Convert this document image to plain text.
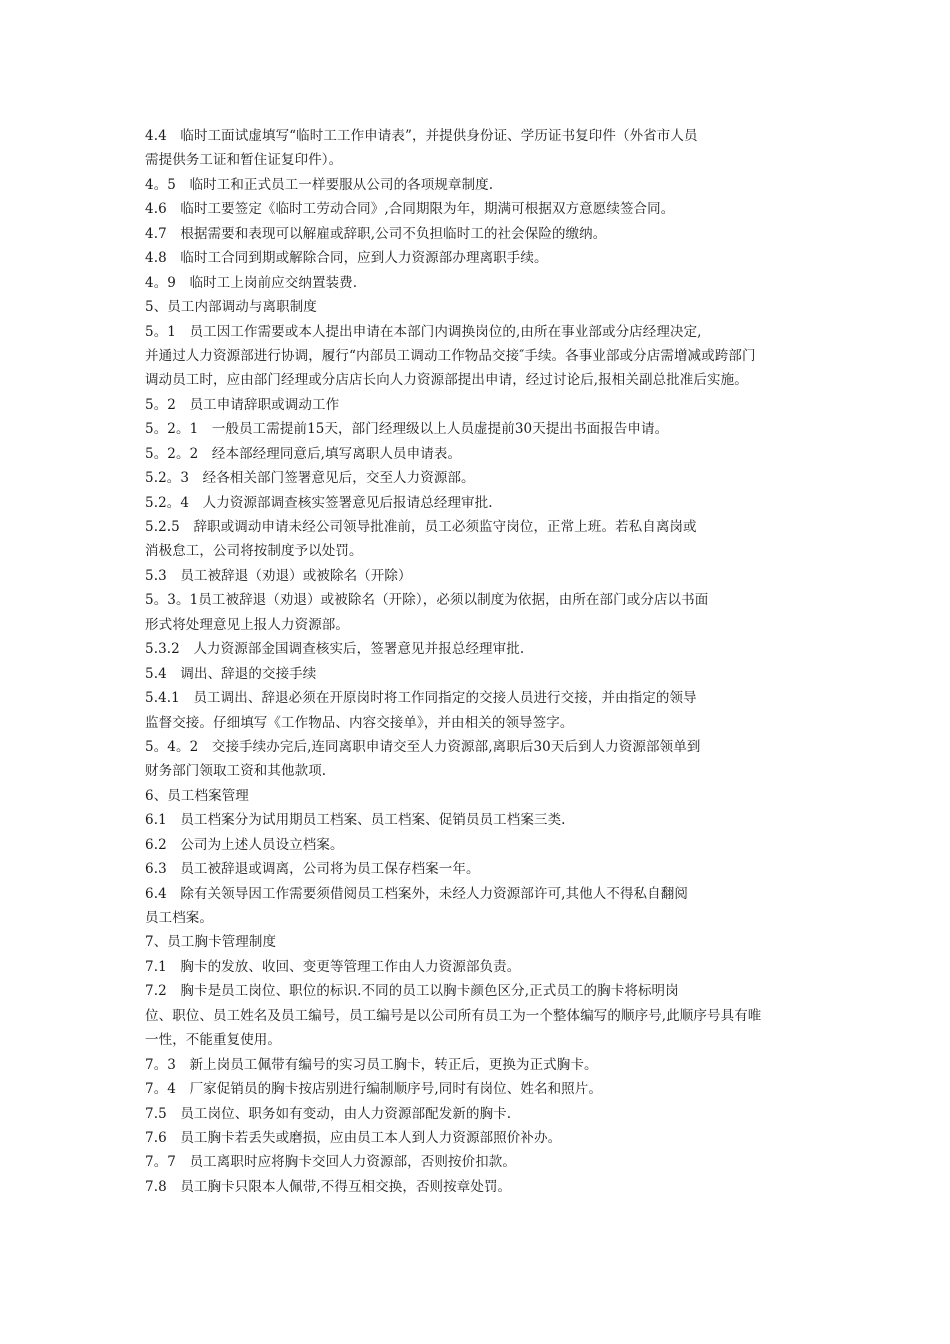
4.4　临时工面试虚填写“临时工工作申请表”，并提供身份证、学历证书复印件（外省市人员
需提供务工证和暂住证复印件）。
4。5　临时工和正式员工一样要服从公司的各项规章制度.
4.6　临时工要签定《临时工劳动合同》,合同期限为年，期满可根据双方意愿续签合同。
4.7　根据需要和表现可以解雇或辞职,公司不负担临时工的社会保险的缴纳。
4.8　临时工合同到期或解除合同，应到人力资源部办理离职手续。
4。9　临时工上岗前应交纳置装费.
5、员工内部调动与离职制度
5。1　员工因工作需要或本人提出申请在本部门内调换岗位的,由所在事业部或分店经理决定,
并通过人力资源部进行协调，履行“内部员工调动工作物品交接″手续。各事业部或分店需增减或跨部门
调动员工时，应由部门经理或分店店长向人力资源部提出申请，经过讨论后,报相关副总批准后实施。
5。2　员工申请辞职或调动工作
5。2。1　一般员工需提前15天，部门经理级以上人员虚提前30天提出书面报告申请。
5。2。2　经本部经理同意后,填写离职人员申请表。
5.2。3　经各相关部门签署意见后，交至人力资源部。
5.2。4　人力资源部调查核实签署意见后报请总经理审批.
5.2.5　辞职或调动申请未经公司领导批准前，员工必须监守岗位，正常上班。若私自离岗或
消极怠工，公司将按制度予以处罚。
5.3　员工被辞退（劝退）或被除名（开除）
5。3。1员工被辞退（劝退）或被除名（开除），必须以制度为依据，由所在部门或分店以书面
形式将处理意见上报人力资源部。
5.3.2　人力资源部金国调查核实后，签署意见并报总经理审批.
5.4　调出、辞退的交接手续
5.4.1　员工调出、辞退必须在开原岗时将工作同指定的交接人员进行交接，并由指定的领导
监督交接。仔细填写《工作物品、内容交接单》，并由相关的领导签字。
5。4。2　交接手续办完后,连同离职申请交至人力资源部,离职后30天后到人力资源部领单到
财务部门领取工资和其他款项.
6、员工档案管理
6.1　员工档案分为试用期员工档案、员工档案、促销员员工档案三类.
6.2　公司为上述人员设立档案。
6.3　员工被辞退或调离，公司将为员工保存档案一年。
6.4　除有关领导因工作需要须借阅员工档案外，未经人力资源部许可,其他人不得私自翻阅
员工档案。
7、员工胸卡管理制度
7.1　胸卡的发放、收回、变更等管理工作由人力资源部负责。
7.2　胸卡是员工岗位、职位的标识.不同的员工以胸卡颜色区分,正式员工的胸卡将标明岗
位、职位、员工姓名及员工编号，员工编号是以公司所有员工为一个整体编写的顺序号,此顺序号具有唯
一性，不能重复使用。
7。3　新上岗员工佩带有编号的实习员工胸卡，转正后，更换为正式胸卡。
7。4　厂家促销员的胸卡按店别进行编制顺序号,同时有岗位、姓名和照片。
7.5　员工岗位、职务如有变动，由人力资源部配发新的胸卡.
7.6　员工胸卡若丢失或磨损，应由员工本人到人力资源部照价补办。
7。7　员工离职时应将胸卡交回人力资源部，否则按价扣款。
7.8　员工胸卡只限本人佩带,不得互相交换，否则按章处罚。
